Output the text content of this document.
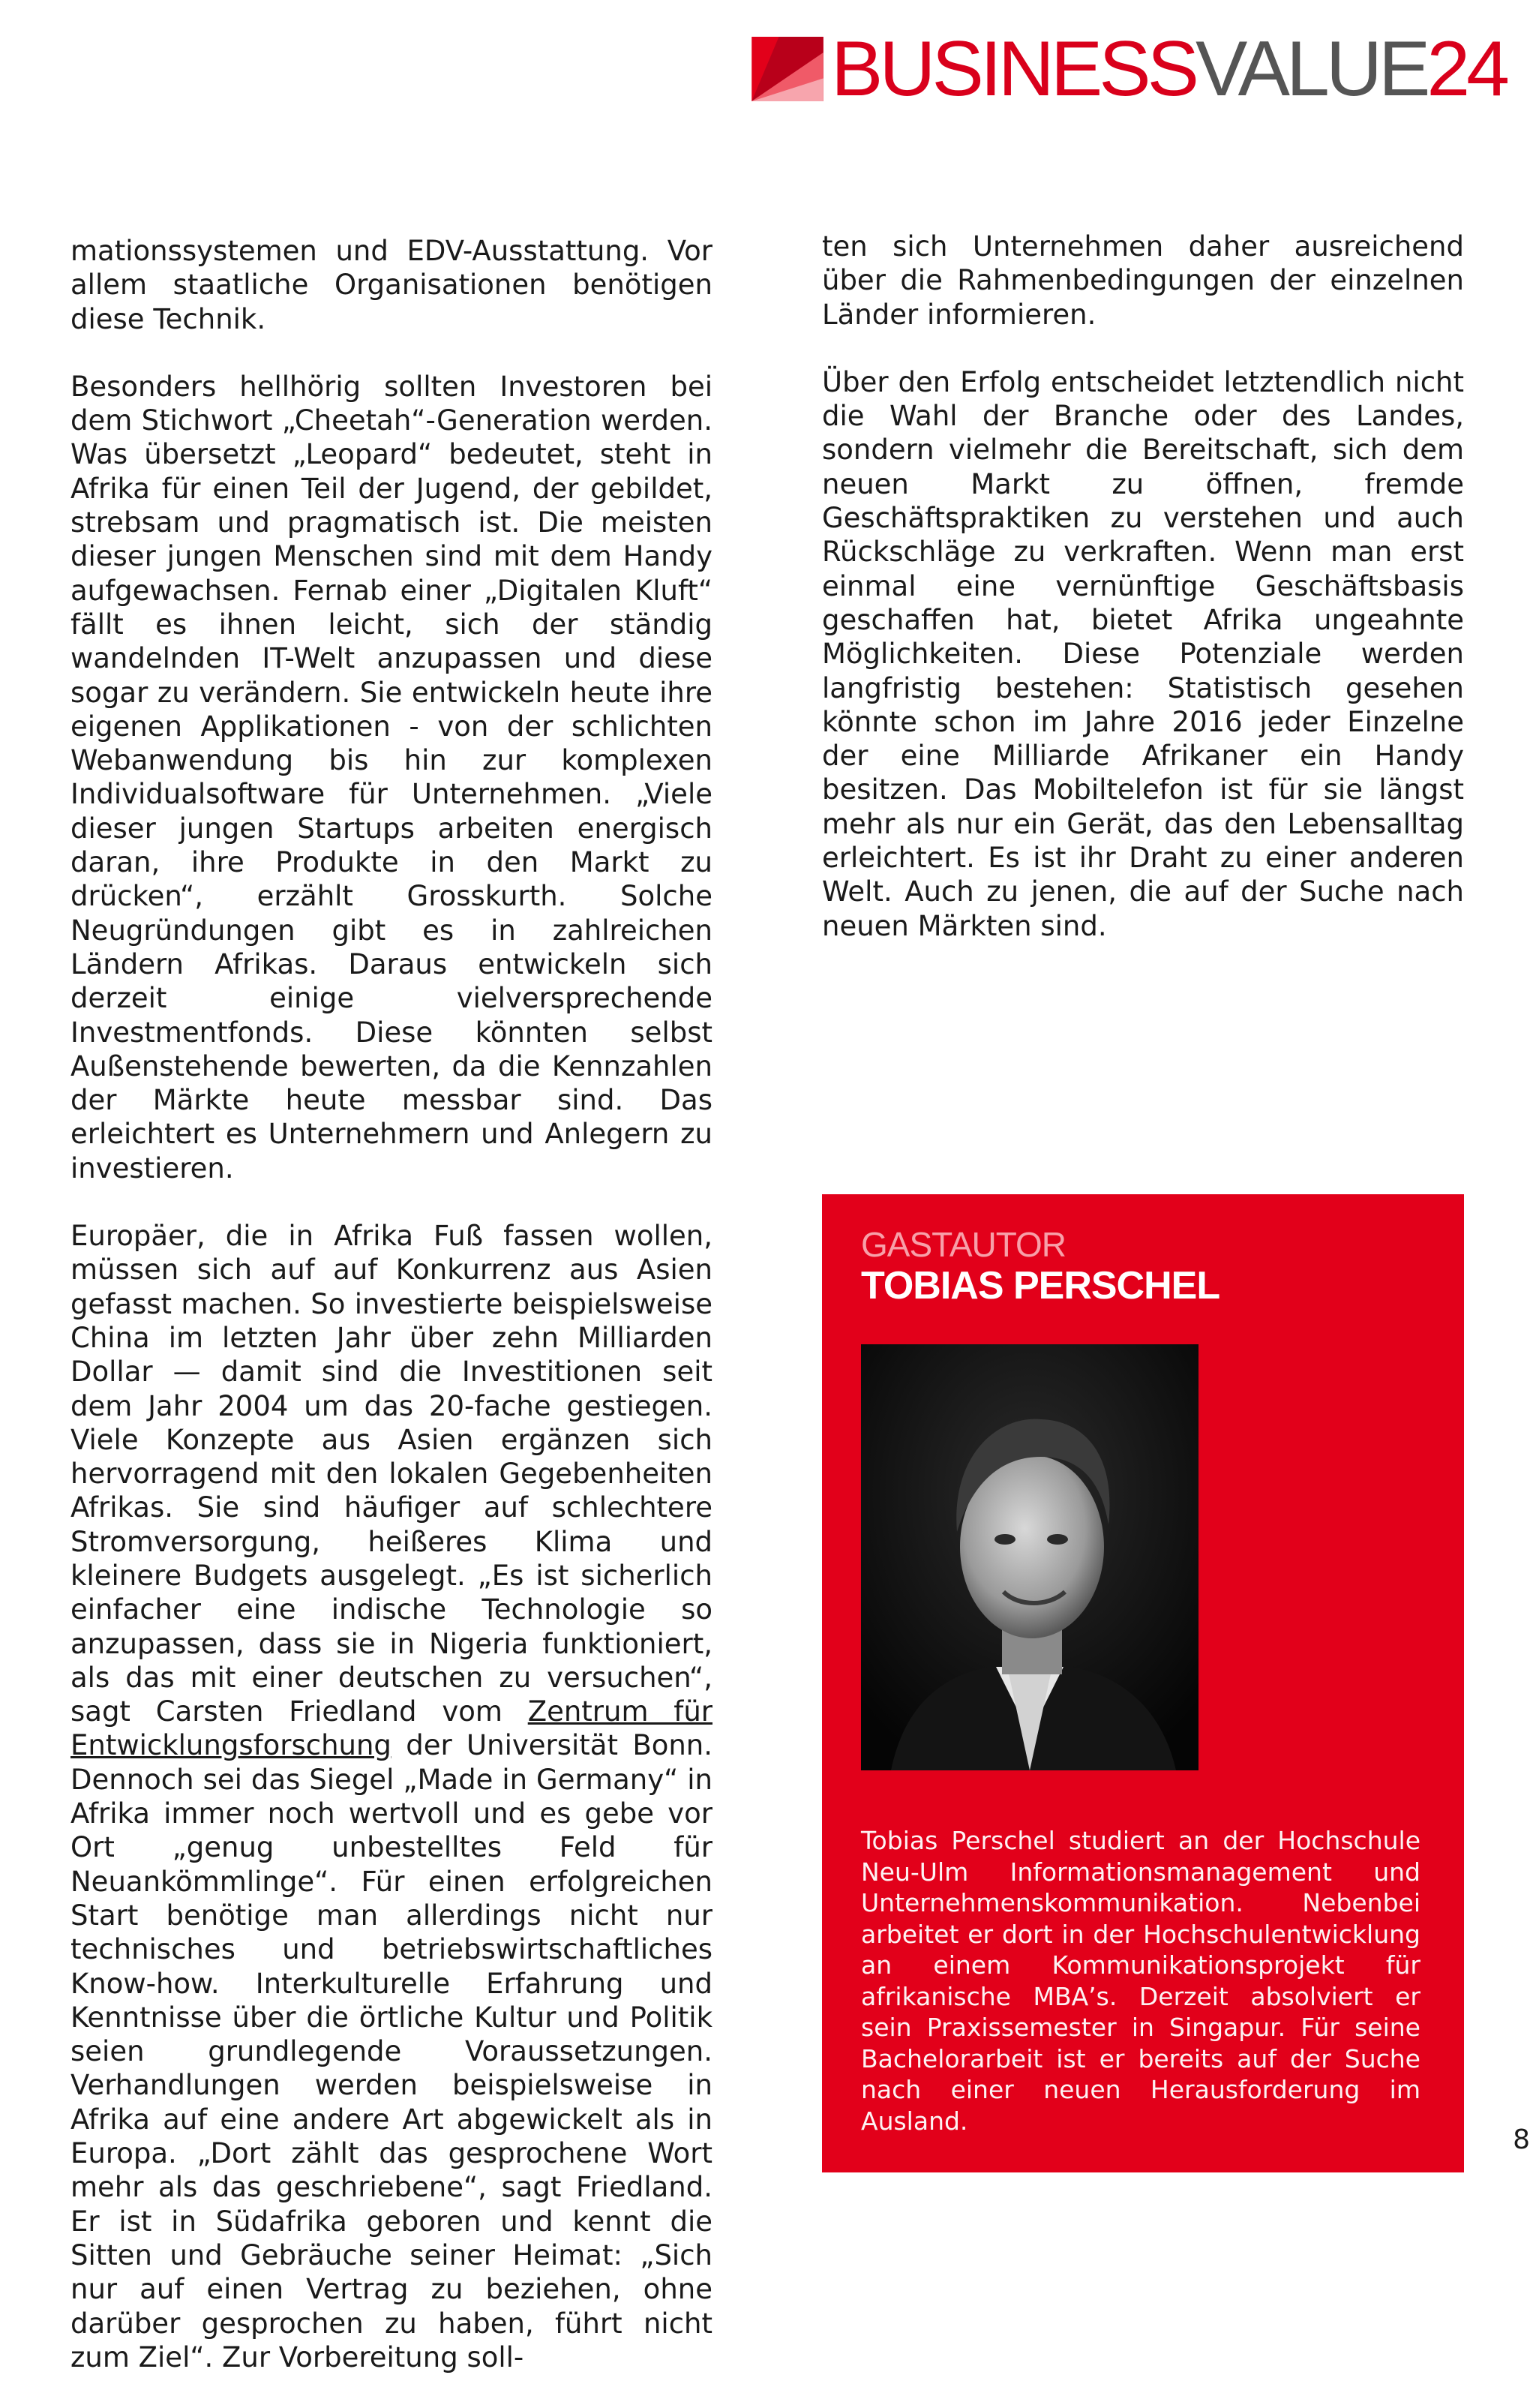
BUSINESSVALUE24

mationssystemen und EDV-Ausstattung. Vor allem staatliche Organisationen benötigen diese Technik.

Besonders hellhörig sollten Investoren bei dem Stichwort „Cheetah“-Generation werden. Was übersetzt „Leopard“ bedeutet, steht in Afrika für einen Teil der Jugend, der gebildet, strebsam und pragmatisch ist. Die meisten dieser jungen Menschen sind mit dem Handy aufgewachsen. Fernab einer „Digitalen Kluft“ fällt es ihnen leicht, sich der ständig wandelnden IT-Welt anzupassen und diese sogar zu verändern. Sie entwickeln heute ihre eigenen Applikationen - von der schlichten Webanwendung bis hin zur komplexen Individualsoftware für Unternehmen. „Viele dieser jungen Startups arbeiten energisch daran, ihre Produkte in den Markt zu drücken“, erzählt Grosskurth. Solche Neugründungen gibt es in zahlreichen Ländern Afrikas. Daraus entwickeln sich derzeit einige vielversprechende Investmentfonds. Diese könnten selbst Außenstehende bewerten, da die Kennzahlen der Märkte heute messbar sind. Das erleichtert es Unternehmern und Anlegern zu investieren.

Europäer, die in Afrika Fuß fassen wollen, müssen sich auf auf Konkurrenz aus Asien gefasst machen. So investierte beispielsweise China im letzten Jahr über zehn Milliarden Dollar — damit sind die Investitionen seit dem Jahr 2004 um das 20-fache gestiegen. Viele Konzepte aus Asien ergänzen sich hervorragend mit den lokalen Gegebenheiten Afrikas. Sie sind häufiger auf schlechtere Stromversorgung, heißeres Klima und kleinere Budgets ausgelegt. „Es ist sicherlich einfacher eine indische Technologie so anzupassen, dass sie in Nigeria funktioniert, als das mit einer deutschen zu versuchen“, sagt Carsten Friedland vom Zentrum für Entwicklungsforschung der Universität Bonn. Dennoch sei das Siegel „Made in Germany“ in Afrika immer noch wertvoll und es gebe vor Ort „genug unbestelltes Feld für Neuankömmlinge“. Für einen erfolgreichen Start benötige man allerdings nicht nur technisches und betriebswirtschaftliches Know-how. Interkulturelle Erfahrung und Kenntnisse über die örtliche Kultur und Politik seien grundlegende Voraussetzungen. Verhandlungen werden beispielsweise in Afrika auf eine andere Art abgewickelt als in Europa. „Dort zählt das gesprochene Wort mehr als das geschriebene“, sagt Friedland. Er ist in Südafrika geboren und kennt die Sitten und Gebräuche seiner Heimat: „Sich nur auf einen Vertrag zu beziehen, ohne darüber gesprochen zu haben, führt nicht zum Ziel“. Zur Vorbereitung soll-

ten sich Unternehmen daher ausreichend über die Rahmenbedingungen der einzelnen Länder informieren.

Über den Erfolg entscheidet letztendlich nicht die Wahl der Branche oder des Landes, sondern vielmehr die Bereitschaft, sich dem neuen Markt zu öffnen, fremde Geschäftspraktiken zu verstehen und auch Rückschläge zu verkraften. Wenn man erst einmal eine vernünftige Geschäftsbasis geschaffen hat, bietet Afrika ungeahnte Möglichkeiten. Diese Potenziale werden langfristig bestehen: Statistisch gesehen könnte schon im Jahre 2016 jeder Einzelne der eine Milliarde Afrikaner ein Handy besitzen. Das Mobiltelefon ist für sie längst mehr als nur ein Gerät, das den Lebensalltag erleichtert. Es ist ihr Draht zu einer anderen Welt. Auch zu jenen, die auf der Suche nach neuen Märkten sind.

GASTAUTOR
TOBIAS PERSCHEL

Tobias Perschel studiert an der Hochschule Neu-Ulm Informationsmanagement und Unternehmenskommunikation. Nebenbei arbeitet er dort in der Hochschulentwicklung an einem Kommunikationsprojekt für afrikanische MBA’s. Derzeit absolviert er sein Praxissemester in Singapur. Für seine Bachelorarbeit ist er bereits auf der Suche nach einer neuen Herausforderung im Ausland.

8
